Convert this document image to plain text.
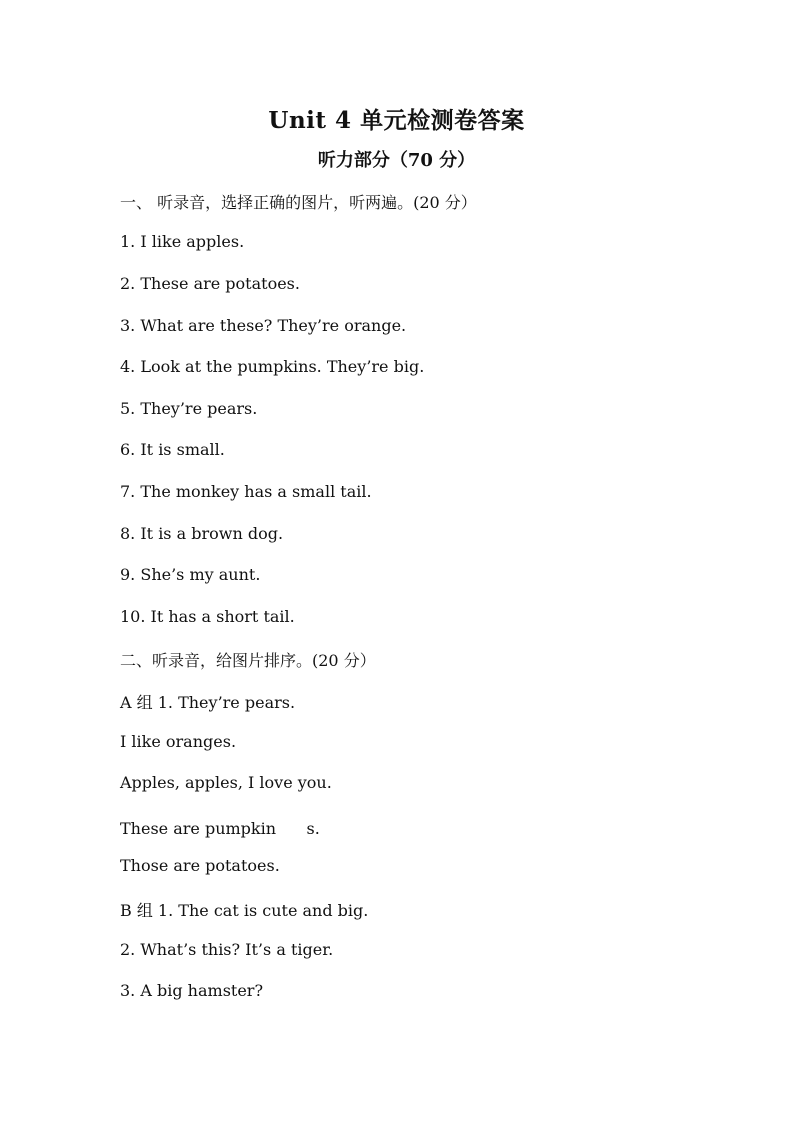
Unit 4 单元检测卷答案
听力部分（70 分）
一、 听录音，选择正确的图片，听两遍。(20 分）
1. I like apples.
2. These are potatoes.
3. What are these? They’re orange.
4. Look at the pumpkins. They’re big.
5. They’re pears.
6. It is small.
7. The monkey has a small tail.
8. It is a brown dog.
9. She’s my aunt.
10. It has a short tail.
二、听录音，给图片排序。(20 分）
A 组 1. They’re pears.
I like oranges.
Apples, apples, I love you.
These are pumpkin      s.
Those are potatoes.
B 组 1. The cat is cute and big.
2. What’s this? It’s a tiger.
3. A big hamster?
